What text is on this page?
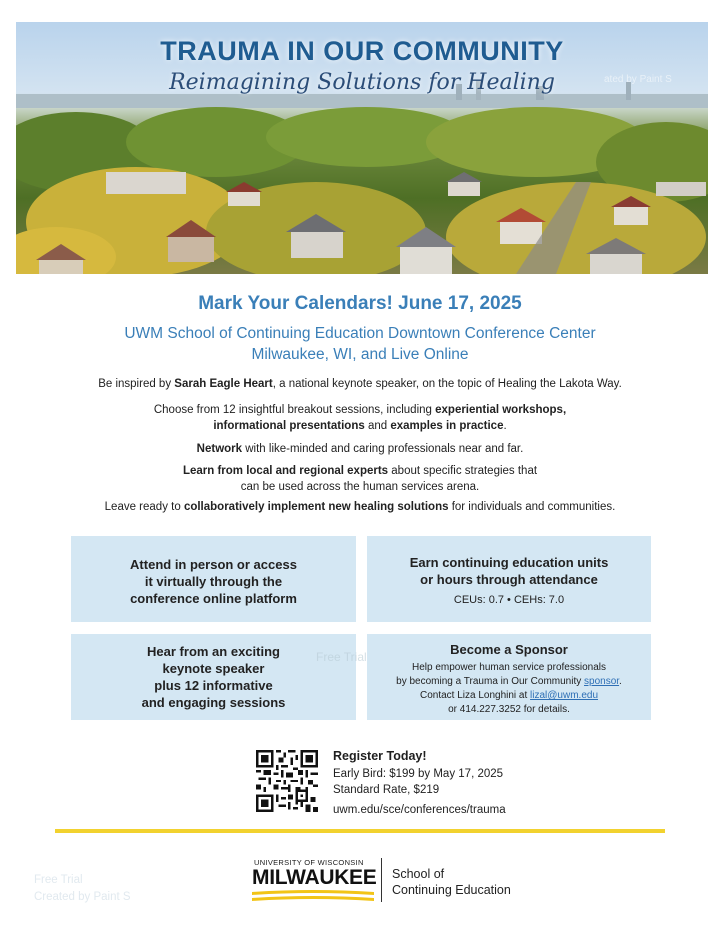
TRAUMA IN OUR COMMUNITY
Reimagining Solutions for Healing	ated by Paint S
Mark Your Calendars! June 17, 2025
UWM School of Continuing Education Downtown Conference Center
Milwaukee, WI, and Live Online
Be inspired by Sarah Eagle Heart, a national keynote speaker, on the topic of Healing the Lakota Way.
Choose from 12 insightful breakout sessions, including experiential workshops,
informational presentations and examples in practice.
Network with like-minded and caring professionals near and far.
Learn from local and regional experts about specific strategies that
can be used across the human services arena.
Leave ready to collaboratively implement new healing solutions for individuals and communities.
Attend in person or access
it virtually through the
conference online platform
Earn continuing education units
or hours through attendance
CEUs: 0.7 • CEHs: 7.0
Hear from an exciting
keynote speaker
plus 12 informative
and engaging sessions
Free Trial	Become a Sponsor
Help empower human service professionals
by becoming a Trauma in Our Community sponsor.
Contact Liza Longhini at lizal@uwm.edu
or 414.227.3252 for details.
Register Today!
Early Bird: $199 by May 17, 2025
Standard Rate, $219
uwm.edu/sce/conferences/trauma
UNIVERSITY OF WISCONSIN
MILWAUKEE School of
Continuing Education
Free Trial
Created by Paint S
